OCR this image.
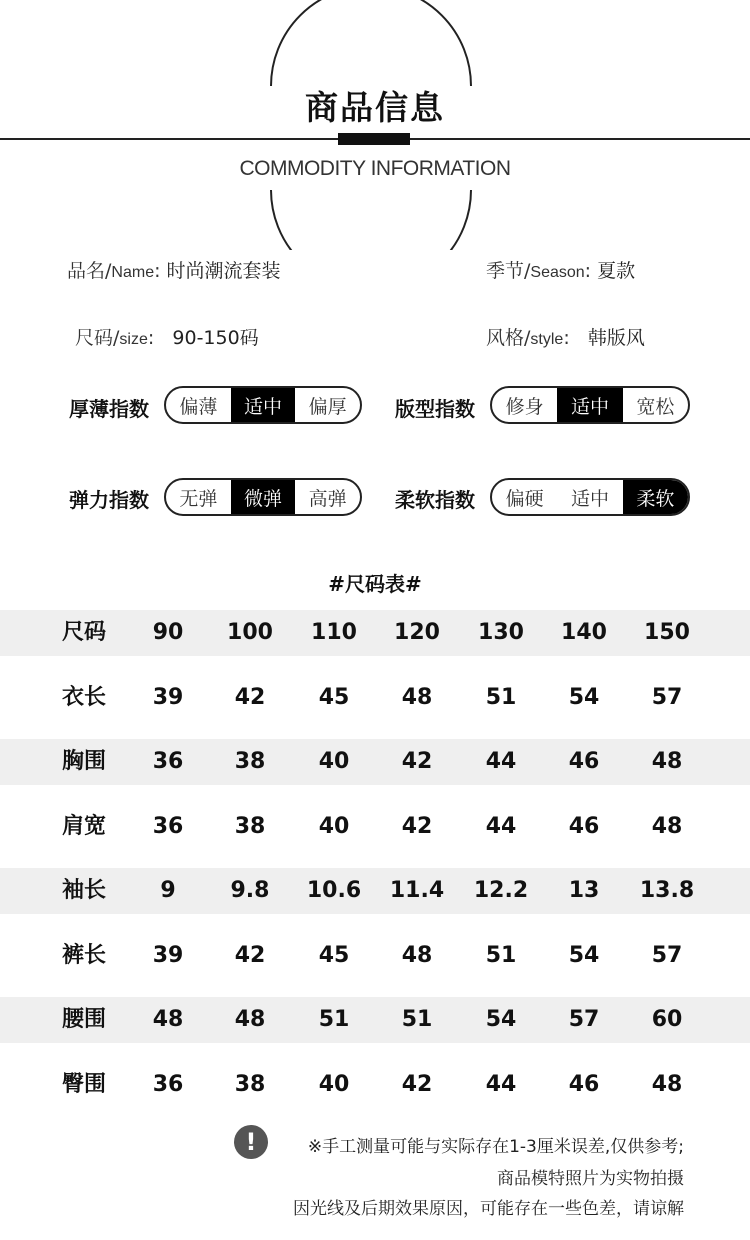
商品信息
COMMODITY INFORMATION
品名/Name: 时尚潮流套装	季节/Season: 夏款
尺码/size: 90-150码	风格/style: 韩版风
厚薄指数	偏薄	适中	偏厚	版型指数	修身	适中	宽松
弹力指数	无弹	微弹	高弹	柔软指数	偏硬	适中	柔软
#尺码表#
尺码	90	100	110	120	130	140	150
衣长	39	42	45	48	51	54	57
胸围	36	38	40	42	44	46	48
肩宽	36	38	40	42	44	46	48
袖长	9	9.8	10.6	11.4	12.2	13	13.8
裤长	39	42	45	48	51	54	57
腰围	48	48	51	51	54	57	60
臀围	36	38	40	42	44	46	48
!	※手工测量可能与实际存在1-3厘米误差,仅供参考;
商品模特照片为实物拍摄
因光线及后期效果原因，可能存在一些色差，请谅解
